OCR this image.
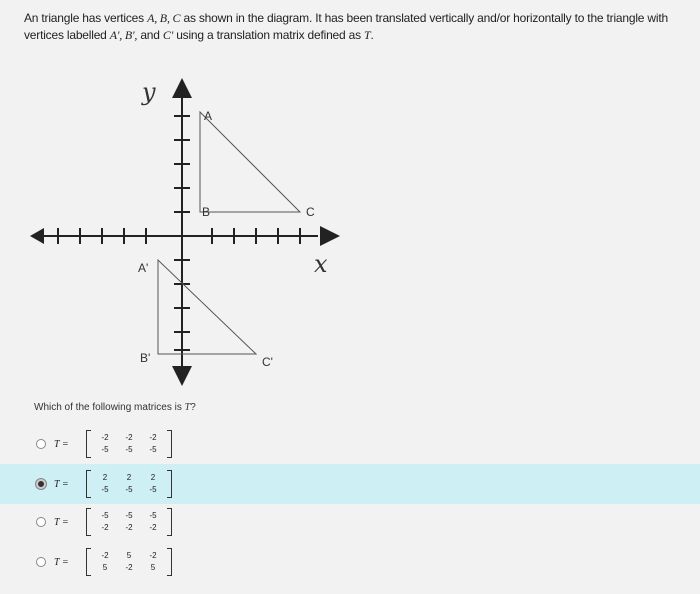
An triangle has vertices A, B, C as shown in the diagram. It has been translated vertically and/or horizontally to the triangle with vertices labelled A', B', and C' using a translation matrix defined as T.
y
x
A
B	C
A'
B'	C'
Which of the following matrices is T?
T =
-2	-2	-2
-5	-5	-5
T =
2	2	2
-5	-5	-5
T =
-5	-5	-5
-2	-2	-2
T =
-2	5	-2
5	-2	5
